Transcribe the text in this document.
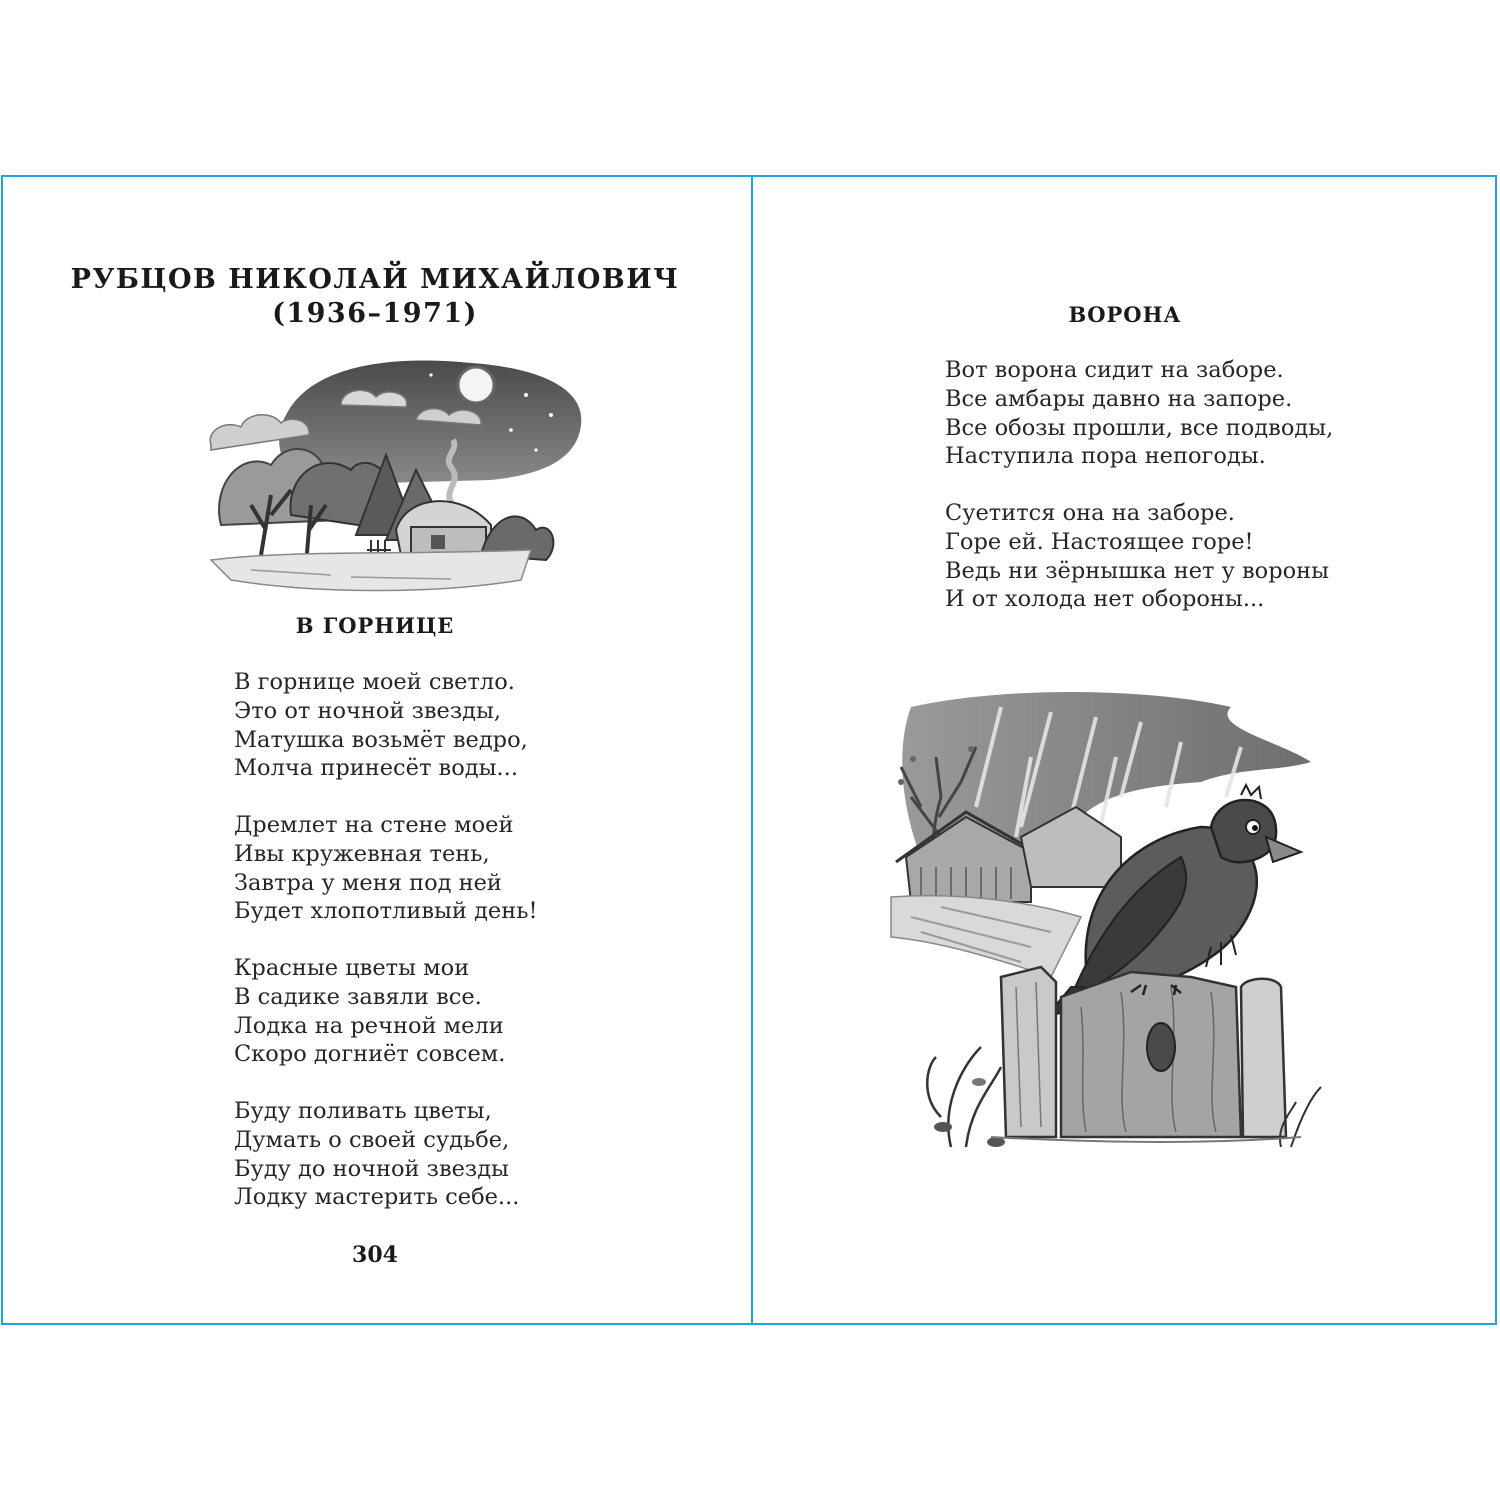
РУБЦОВ НИКОЛАЙ МИХАЙЛОВИЧ
(1936–1971)
В ГОРНИЦЕ
В горнице моей светло.
Это от ночной звезды,
Матушка возьмёт ведро,
Молча принесёт воды...
Дремлет на стене моей
Ивы кружевная тень,
Завтра у меня под ней
Будет хлопотливый день!
Красные цветы мои
В садике завяли все.
Лодка на речной мели
Скоро догниёт совсем.
Буду поливать цветы,
Думать о своей судьбе,
Буду до ночной звезды
Лодку мастерить себе...
304
ВОРОНА
Вот ворона сидит на заборе.
Все амбары давно на запоре.
Все обозы прошли, все подводы,
Наступила пора непогоды.
Суетится она на заборе.
Горе ей. Настоящее горе!
Ведь ни зёрнышка нет у вороны
И от холода нет обороны...
